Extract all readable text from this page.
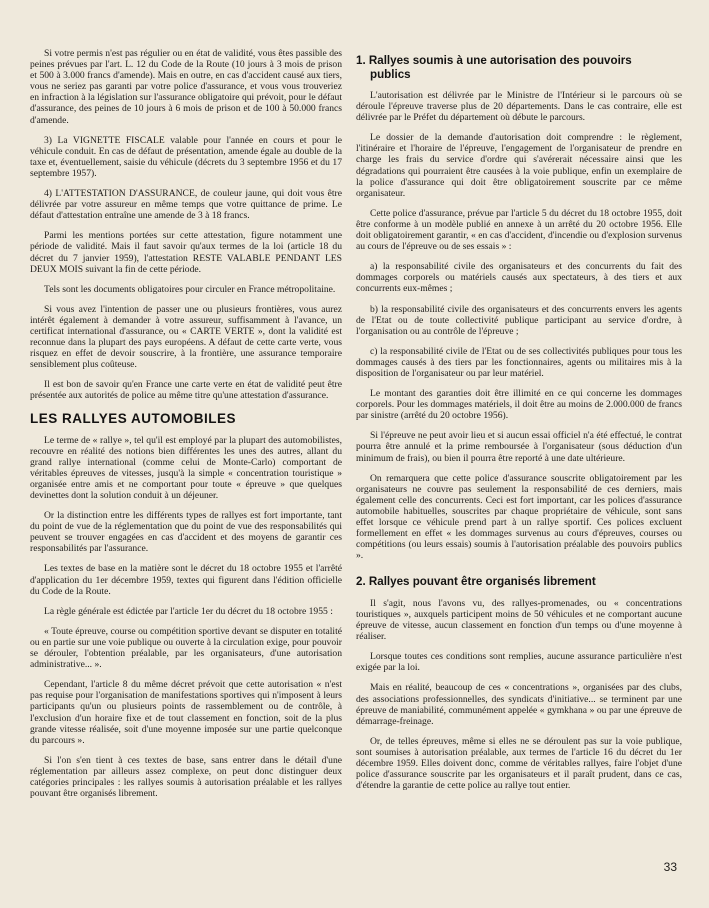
Si votre permis n'est pas régulier ou en état de validité, vous êtes passible des peines prévues par l'art. L. 12 du Code de la Route (10 jours à 3 mois de prison et 500 à 3.000 francs d'amende). Mais en outre, en cas d'accident causé aux tiers, vous ne seriez pas garanti par votre police d'assurance, et vous vous trouveriez en infraction à la législation sur l'assurance obligatoire qui prévoit, pour le défaut d'assurance, des peines de 10 jours à 6 mois de prison et de 100 à 50.000 francs d'amende.

3) La VIGNETTE FISCALE valable pour l'année en cours et pour le véhicule conduit. En cas de défaut de présentation, amende égale au double de la taxe et, éventuellement, saisie du véhicule (décrets du 3 septembre 1956 et du 17 septembre 1957).

4) L'ATTESTATION D'ASSURANCE, de couleur jaune, qui doit vous être délivrée par votre assureur en même temps que votre quittance de prime. Le défaut d'attestation entraîne une amende de 3 à 18 francs.

Parmi les mentions portées sur cette attestation, figure notamment une période de validité. Mais il faut savoir qu'aux termes de la loi (article 18 du décret du 7 janvier 1959), l'attestation RESTE VALABLE PENDANT LES DEUX MOIS suivant la fin de cette période.

Tels sont les documents obligatoires pour circuler en France métropolitaine.

Si vous avez l'intention de passer une ou plusieurs frontières, vous aurez intérêt également à demander à votre assureur, suffisamment à l'avance, un certificat international d'assurance, ou « CARTE VERTE », dont la validité est reconnue dans la plupart des pays européens. A défaut de cette carte verte, vous risquez en effet de devoir souscrire, à la frontière, une assurance temporaire sensiblement plus coûteuse.

Il est bon de savoir qu'en France une carte verte en état de validité peut être présentée aux autorités de police au même titre qu'une attestation d'assurance.

LES RALLYES AUTOMOBILES

Le terme de « rallye », tel qu'il est employé par la plupart des automobilistes, recouvre en réalité des notions bien différentes les unes des autres, allant du grand rallye international (comme celui de Monte-Carlo) comportant de véritables épreuves de vitesses, jusqu'à la simple « concentration touristique » organisée entre amis et ne comportant pour toute « épreuve » que quelques devinettes dont la solution conduit à un déjeuner.

Or la distinction entre les différents types de rallyes est fort importante, tant du point de vue de la réglementation que du point de vue des responsabilités qui peuvent se trouver engagées en cas d'accident et des moyens de garantir ces responsabilités par l'assurance.

Les textes de base en la matière sont le décret du 18 octobre 1955 et l'arrêté d'application du 1er décembre 1959, textes qui figurent dans l'édition officielle du Code de la Route.

La règle générale est édictée par l'article 1er du décret du 18 octobre 1955 :

« Toute épreuve, course ou compétition sportive devant se disputer en totalité ou en partie sur une voie publique ou ouverte à la circulation exige, pour pouvoir se dérouler, l'obtention préalable, par les organisateurs, d'une autorisation administrative... ».

Cependant, l'article 8 du même décret prévoit que cette autorisation « n'est pas requise pour l'organisation de manifestations sportives qui n'imposent à leurs participants qu'un ou plusieurs points de rassemblement ou de contrôle, à l'exclusion d'un horaire fixe et de tout classement en fonction, soit de la plus grande vitesse réalisée, soit d'une moyenne imposée sur une partie quelconque du parcours ».

Si l'on s'en tient à ces textes de base, sans entrer dans le détail d'une réglementation par ailleurs assez complexe, on peut donc distinguer deux catégories principales : les rallyes soumis à autorisation préalable et les rallyes pouvant être organisés librement.

1. Rallyes soumis à une autorisation des pouvoirs
publics

L'autorisation est délivrée par le Ministre de l'Intérieur si le parcours où se déroule l'épreuve traverse plus de 20 départements. Dans le cas contraire, elle est délivrée par le Préfet du département où débute le parcours.

Le dossier de la demande d'autorisation doit comprendre : le règlement, l'itinéraire et l'horaire de l'épreuve, l'engagement de l'organisateur de prendre en charge les frais du service d'ordre qui s'avérerait nécessaire ainsi que les dégradations qui pourraient être causées à la voie publique, enfin un exemplaire de la police d'assurance qui doit être obligatoirement souscrite par ce même organisateur.

Cette police d'assurance, prévue par l'article 5 du décret du 18 octobre 1955, doit être conforme à un modèle publié en annexe à un arrêté du 20 octobre 1956. Elle doit obligatoirement garantir, « en cas d'accident, d'incendie ou d'explosion survenus au cours de l'épreuve ou de ses essais » :

a) la responsabilité civile des organisateurs et des concurrents du fait des dommages corporels ou matériels causés aux spectateurs, à des tiers et aux concurrents eux-mêmes ;

b) la responsabilité civile des organisateurs et des concurrents envers les agents de l'Etat ou de toute collectivité publique participant au service d'ordre, à l'organisation ou au contrôle de l'épreuve ;

c) la responsabilité civile de l'Etat ou de ses collectivités publiques pour tous les dommages causés à des tiers par les fonctionnaires, agents ou militaires mis à la disposition de l'organisateur ou par leur matériel.

Le montant des garanties doit être illimité en ce qui concerne les dommages corporels. Pour les dommages matériels, il doit être au moins de 2.000.000 de francs par sinistre (arrêté du 20 octobre 1956).

Si l'épreuve ne peut avoir lieu et si aucun essai officiel n'a été effectué, le contrat pourra être annulé et la prime remboursée à l'organisateur (sous déduction d'un minimum de frais), ou bien il pourra être reporté à une date ultérieure.

On remarquera que cette police d'assurance souscrite obligatoirement par les organisateurs ne couvre pas seulement la responsabilité de ces derniers, mais également celle des concurrents. Ceci est fort important, car les polices d'assurance automobile habituelles, souscrites par chaque propriétaire de véhicule, sont sans effet lorsque ce véhicule prend part à un rallye sportif. Ces polices excluent formellement en effet « les dommages survenus au cours d'épreuves, courses ou compétitions (ou leurs essais) soumis à l'autorisation préalable des pouvoirs publics ».

2. Rallyes pouvant être organisés librement

Il s'agit, nous l'avons vu, des rallyes-promenades, ou « concentrations touristiques », auxquels participent moins de 50 véhicules et ne comportant aucune épreuve de vitesse, aucun classement en fonction d'un temps ou d'une moyenne à réaliser.

Lorsque toutes ces conditions sont remplies, aucune assurance particulière n'est exigée par la loi.

Mais en réalité, beaucoup de ces « concentrations », organisées par des clubs, des associations professionnelles, des syndicats d'initiative... se terminent par une épreuve de maniabilité, communément appelée « gymkhana » ou par une épreuve de démarrage-freinage.

Or, de telles épreuves, même si elles ne se déroulent pas sur la voie publique, sont soumises à autorisation préalable, aux termes de l'article 16 du décret du 1er décembre 1959. Elles doivent donc, comme de véritables rallyes, faire l'objet d'une police d'assurance souscrite par les organisateurs et il paraît prudent, dans ce cas, d'étendre la garantie de cette police au rallye tout entier.

33
